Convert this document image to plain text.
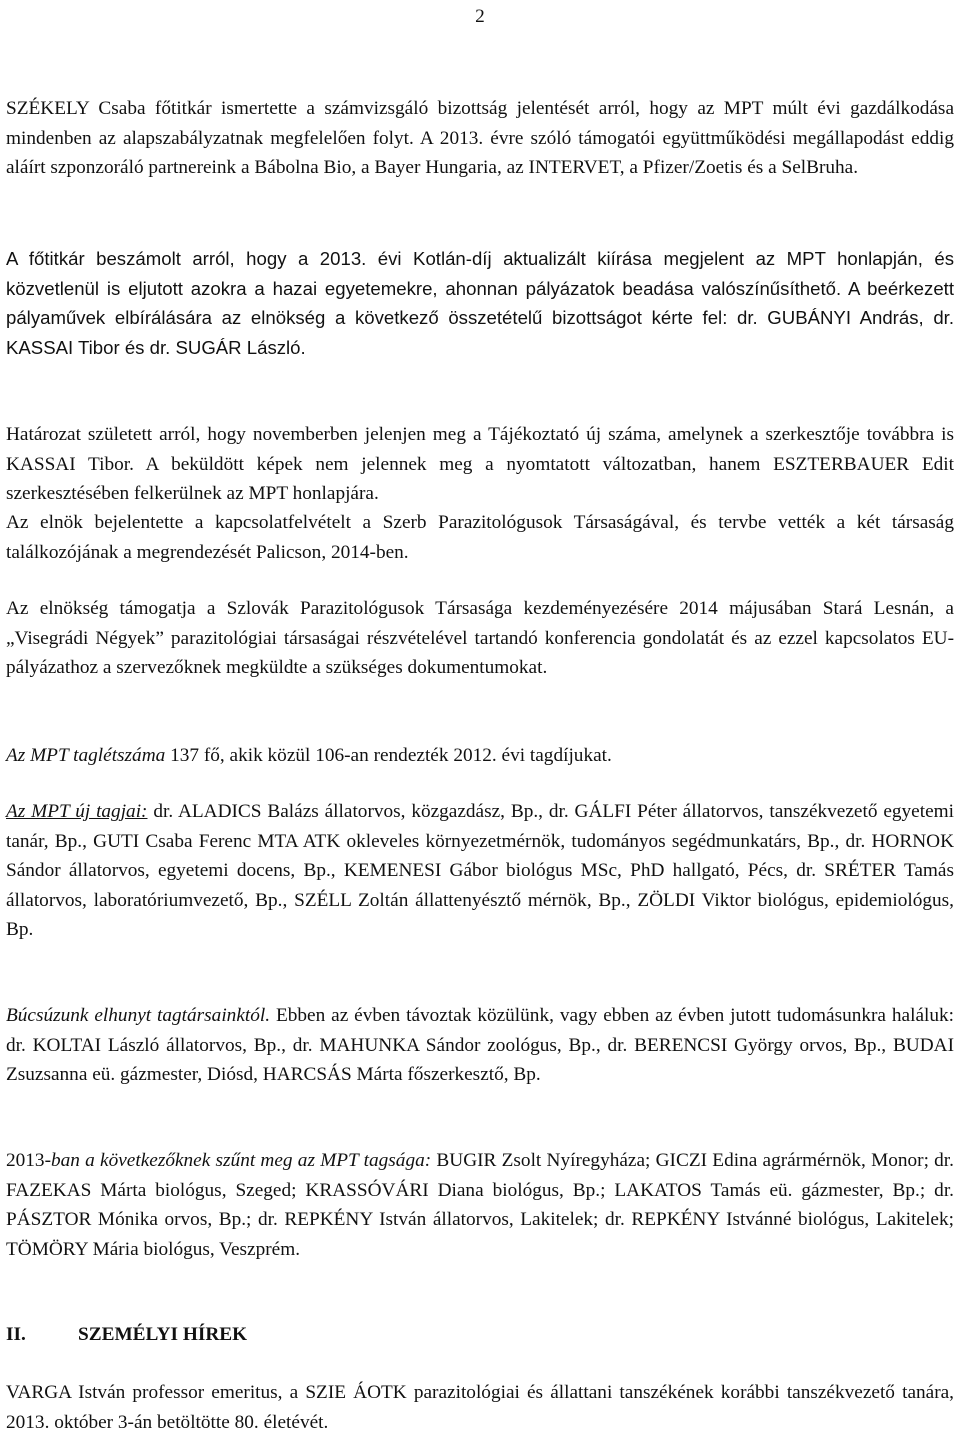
2

SZÉKELY Csaba főtitkár ismertette a számvizsgáló bizottság jelentését arról, hogy az MPT múlt évi gazdálkodása mindenben az alapszabályzatnak megfelelően folyt. A 2013. évre szóló támogatói együttműködési megállapodást eddig aláírt szponzoráló partnereink a Bábolna Bio, a Bayer Hungaria, az INTERVET, a Pfizer/Zoetis és a SelBruha.

A főtitkár beszámolt arról, hogy a 2013. évi Kotlán-díj aktualizált kiírása megjelent az MPT honlapján, és közvetlenül is eljutott azokra a hazai egyetemekre, ahonnan pályázatok beadása valószínűsíthető. A beérkezett pályaművek elbírálására az elnökség a következő összetételű bizottságot kérte fel: dr. GUBÁNYI András, dr. KASSAI Tibor és dr. SUGÁR László.

Határozat született arról, hogy novemberben jelenjen meg a Tájékoztató új száma, amelynek a szerkesztője továbbra is KASSAI Tibor. A beküldött képek nem jelennek meg a nyomtatott változatban, hanem ESZTERBAUER Edit szerkesztésében felkerülnek az MPT honlapjára.

Az elnök bejelentette a kapcsolatfelvételt a Szerb Parazitológusok Társaságával, és tervbe vették a két társaság találkozójának a megrendezését Palicson, 2014-ben.

Az elnökség támogatja a Szlovák Parazitológusok Társasága kezdeményezésére 2014 májusában Stará Lesnán, a „Visegrádi Négyek” parazitológiai társaságai részvételével tartandó konferencia gondolatát és az ezzel kapcsolatos EU-pályázathoz a szervezőknek megküldte a szükséges dokumentumokat.

Az MPT taglétszáma 137 fő, akik közül 106-an rendezték 2012. évi tagdíjukat.

Az MPT új tagjai: dr. ALADICS Balázs állatorvos, közgazdász, Bp., dr. GÁLFI Péter állatorvos, tanszékvezető egyetemi tanár, Bp., GUTI Csaba Ferenc MTA ATK okleveles környezetmérnök, tudományos segédmunkatárs, Bp., dr. HORNOK Sándor állatorvos, egyetemi docens, Bp., KEMENESI Gábor biológus MSc, PhD hallgató, Pécs, dr. SRÉTER Tamás állatorvos, laboratóriumvezető, Bp., SZÉLL Zoltán állattenyésztő mérnök, Bp., ZÖLDI Viktor biológus, epidemiológus, Bp.

Búcsúzunk elhunyt tagtársainktól. Ebben az évben távoztak közülünk, vagy ebben az évben jutott tudomásunkra haláluk: dr. KOLTAI László állatorvos, Bp., dr. MAHUNKA Sándor zoológus, Bp., dr. BERENCSI György orvos, Bp., BUDAI Zsuzsanna eü. gázmester, Diósd, HARCSÁS Márta főszerkesztő, Bp.

2013-ban a következőknek szűnt meg az MPT tagsága: BUGIR Zsolt Nyíregyháza; GICZI Edina agrármérnök, Monor; dr. FAZEKAS Márta biológus, Szeged; KRASSÓVÁRI Diana biológus, Bp.; LAKATOS Tamás eü. gázmester, Bp.; dr. PÁSZTOR Mónika orvos, Bp.; dr. REPKÉNY István állatorvos, Lakitelek; dr. REPKÉNY Istvánné biológus, Lakitelek; TÖMÖRY Mária biológus, Veszprém.

II.	SZEMÉLYI HÍREK

VARGA István professor emeritus, a SZIE ÁOTK parazitológiai és állattani tanszékének korábbi tanszékvezető tanára, 2013. október 3-án betöltötte 80. életévét.
